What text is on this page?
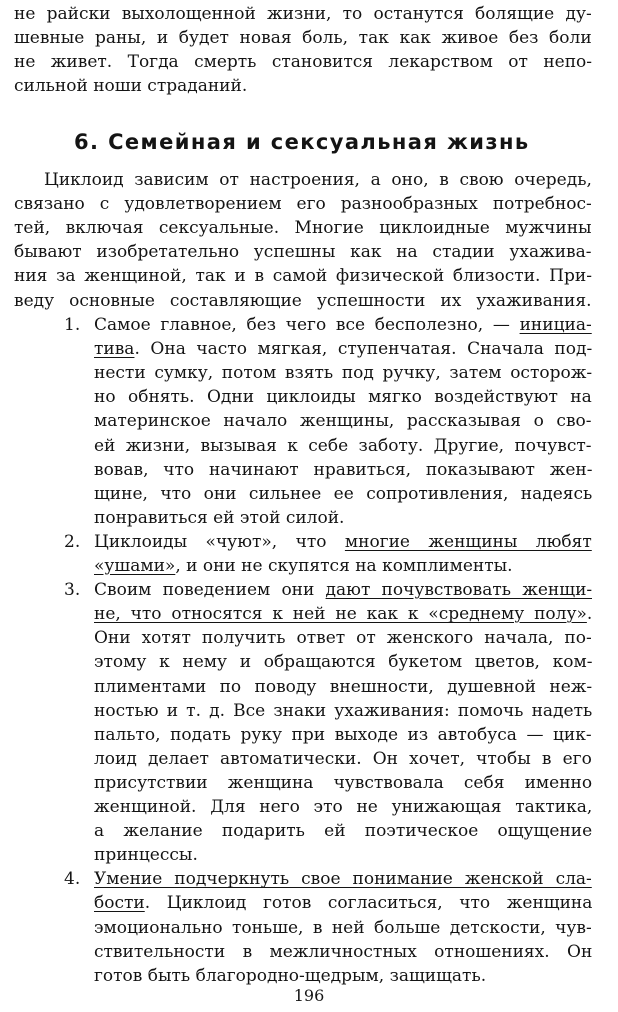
не райски выхолощенной жизни, то останутся болящие ду-
шевные раны, и будет новая боль, так как живое без боли
не живет. Тогда смерть становится лекарством от непо-
сильной ноши страданий.
Циклоид зависим от настроения, а оно, в свою очередь,
связано с удовлетворением его разнообразных потребнос-
тей, включая сексуальные. Многие циклоидные мужчины
бывают изобретательно успешны как на стадии ухажива-
ния за женщиной, так и в самой физической близости. При-
веду основные составляющие успешности их ухаживания.
1. Самое главное, без чего все бесполезно, — инициа-
тива. Она часто мягкая, ступенчатая. Сначала под-
нести сумку, потом взять под ручку, затем осторож-
но обнять. Одни циклоиды мягко воздействуют на
материнское начало женщины, рассказывая о сво-
ей жизни, вызывая к себе заботу. Другие, почувст-
вовав, что начинают нравиться, показывают жен-
щине, что они сильнее ее сопротивления, надеясь
понравиться ей этой силой.
2. Циклоиды «чуют», что многие женщины любят
«ушами», и они не скупятся на комплименты.
3. Своим поведением они дают почувствовать женщи-
не, что относятся к ней не как к «среднему полу».
Они хотят получить ответ от женского начала, по-
этому к нему и обращаются букетом цветов, ком-
плиментами по поводу внешности, душевной неж-
ностью и т. д. Все знаки ухаживания: помочь надеть
пальто, подать руку при выходе из автобуса — цик-
лоид делает автоматически. Он хочет, чтобы в его
присутствии женщина чувствовала себя именно
женщиной. Для него это не унижающая тактика,
а желание подарить ей поэтическое ощущение
принцессы.
4. Умение подчеркнуть свое понимание женской сла-
бости. Циклоид готов согласиться, что женщина
эмоционально тоньше, в ней больше детскости, чув-
ствительности в межличностных отношениях. Он
готов быть благородно-щедрым, защищать.
6. Семейная и сексуальная жизнь
196
